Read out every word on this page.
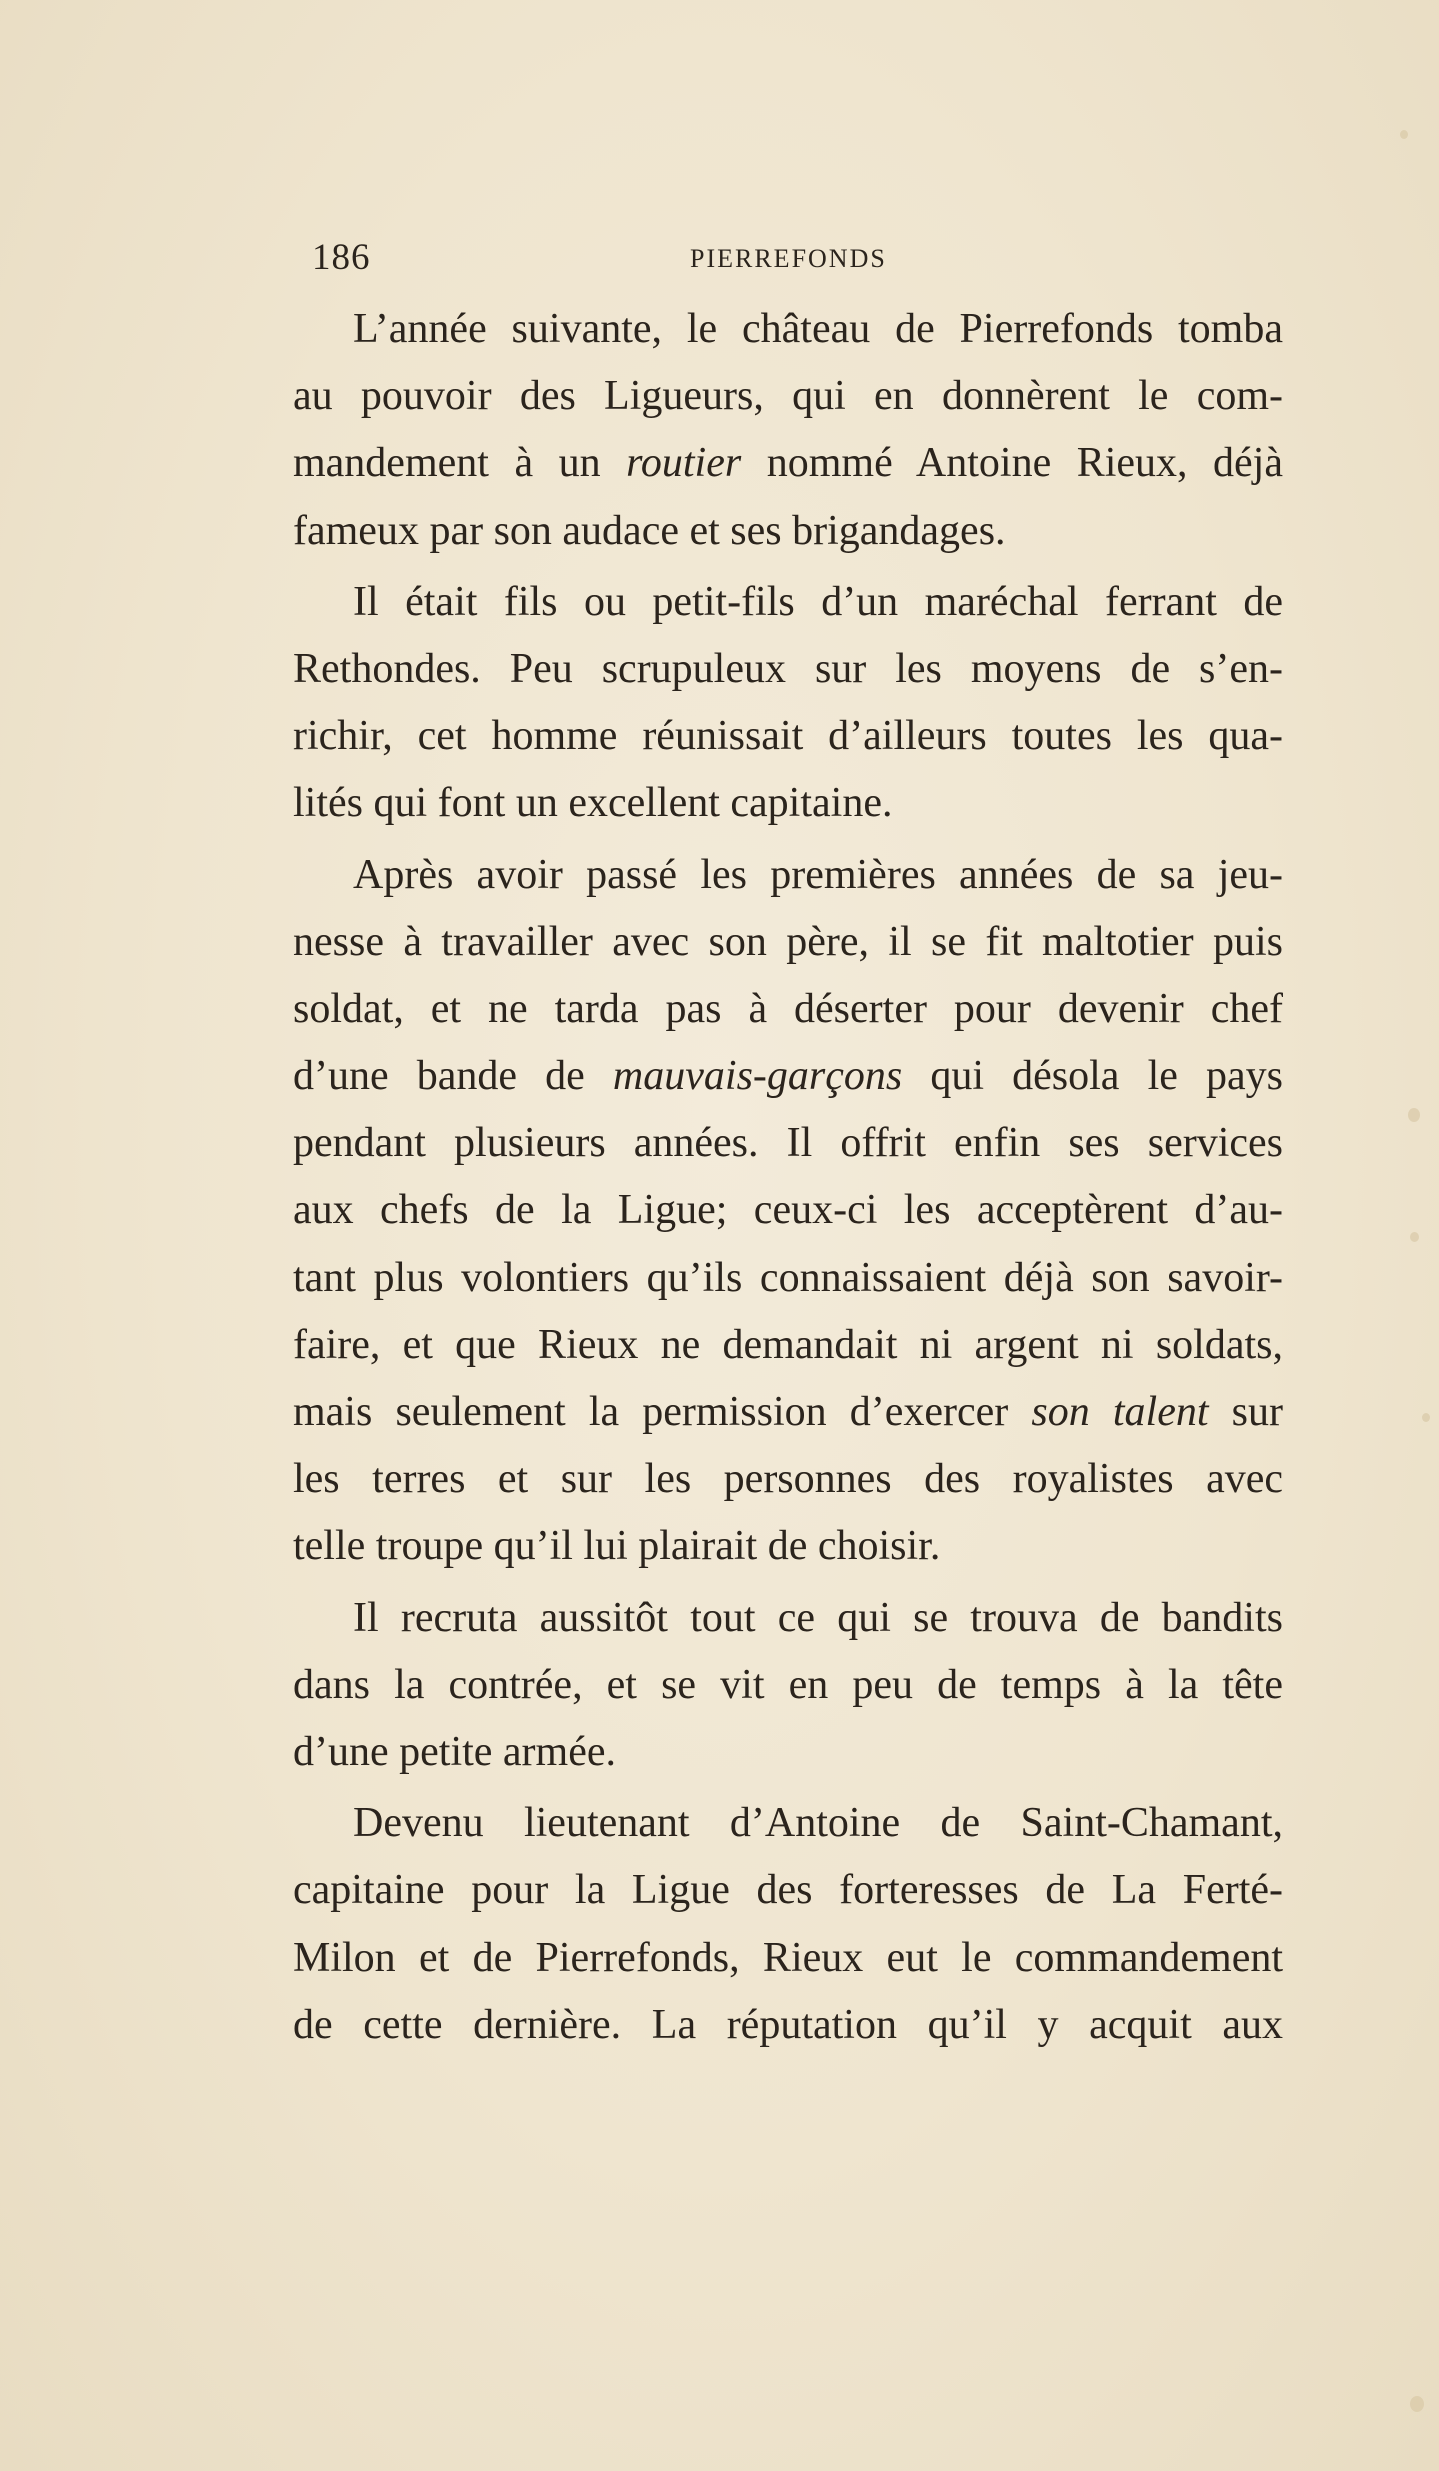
186	PIERREFONDS
L’année suivante, le château de Pierrefonds tomba
au pouvoir des Ligueurs, qui en donnèrent le com-
mandement à un routier nommé Antoine Rieux, déjà
fameux par son audace et ses brigandages.
Il était fils ou petit-fils d’un maréchal ferrant de
Rethondes. Peu scrupuleux sur les moyens de s’en-
richir, cet homme réunissait d’ailleurs toutes les qua-
lités qui font un excellent capitaine.
Après avoir passé les premières années de sa jeu-
nesse à travailler avec son père, il se fit maltotier puis
soldat, et ne tarda pas à déserter pour devenir chef
d’une bande de mauvais-garçons qui désola le pays
pendant plusieurs années. Il offrit enfin ses services
aux chefs de la Ligue; ceux-ci les acceptèrent d’au-
tant plus volontiers qu’ils connaissaient déjà son savoir-
faire, et que Rieux ne demandait ni argent ni soldats,
mais seulement la permission d’exercer son talent sur
les terres et sur les personnes des royalistes avec
telle troupe qu’il lui plairait de choisir.
Il recruta aussitôt tout ce qui se trouva de bandits
dans la contrée, et se vit en peu de temps à la tête
d’une petite armée.
Devenu lieutenant d’Antoine de Saint-Chamant,
capitaine pour la Ligue des forteresses de La Ferté-
Milon et de Pierrefonds, Rieux eut le commandement
de cette dernière. La réputation qu’il y acquit aux
